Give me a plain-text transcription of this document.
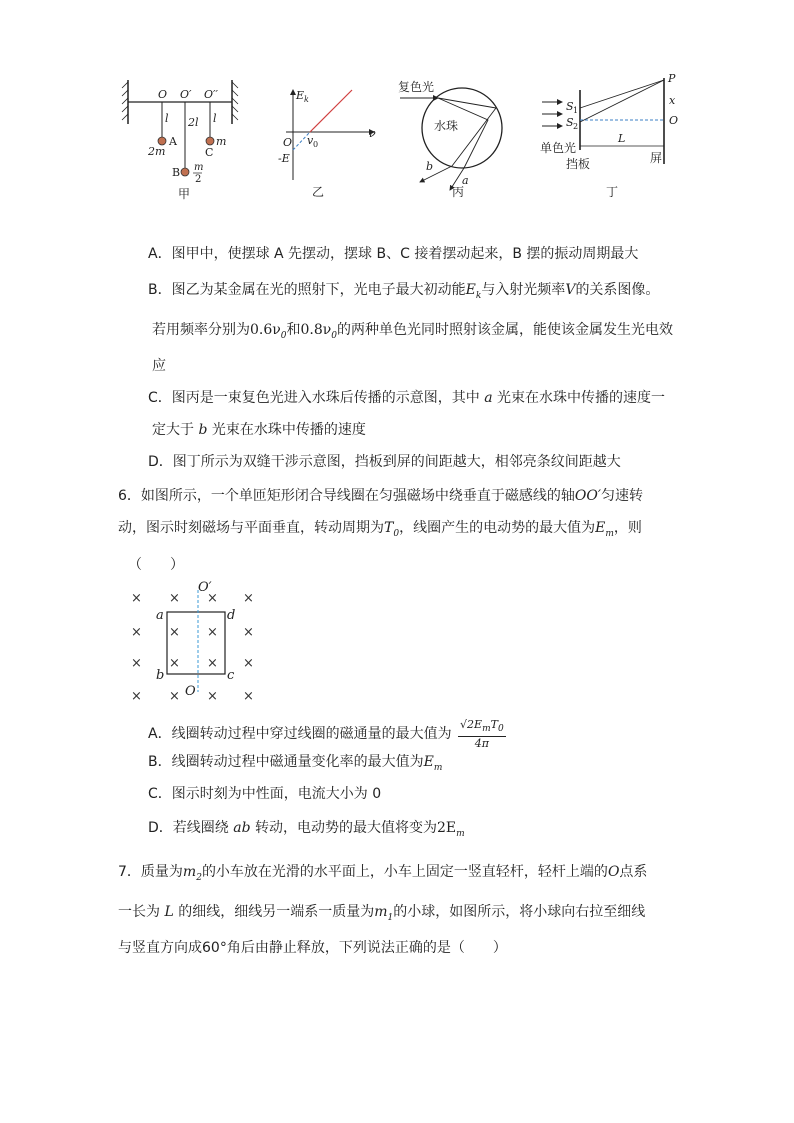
O O′ O′′
l 2l l
A
2m	C
m
B m
2
甲
E k
O v 0
ν
-E
乙
复色光
水珠
b
a
丙
S 1
S 2
P
x
O
单色光
L
挡板	屏
丁
A．图甲中，使摆球 A 先摆动，摆球 B、C 接着摆动起来，B 摆的振动周期最大
B．图乙为某金属在光的照射下，光电子最大初动能$E_k$与入射光频率V的关系图像。
若用频率分别为$0.6\nu_0$和$0.8\nu_0$的两种单色光同时照射该金属，能使该金属发生光电效
应
C．图丙是一束复色光进入水珠后传播的示意图，其中 a 光束在水珠中传播的速度一
定大于 b 光束在水珠中传播的速度
D．图丁所示为双缝干涉示意图，挡板到屏的间距越大，相邻亮条纹间距越大
6．如图所示，一个单匝矩形闭合导线圈在匀强磁场中绕垂直于磁感线的轴OO′匀速转
动，图示时刻磁场与平面垂直，转动周期为$T_0$，线圈产生的电动势的最大值为$E_m$，则
（　　）
× × × ×
× × × ×
× × × ×
× × × ×
O′
O
a	d
b	c
A．线圈转动过程中穿过线圈的磁通量的最大值为
$√2E_mT_0$
4π
B．线圈转动过程中磁通量变化率的最大值为$E_m$
C．图示时刻为中性面，电流大小为 0
D．若线圈绕 ab 转动，电动势的最大值将变为$2E_m$
7．质量为$m_2$的小车放在光滑的水平面上，小车上固定一竖直轻杆，轻杆上端的O点系
一长为 L 的细线，细线另一端系一质量为$m_1$的小球，如图所示，将小球向右拉至细线
与竖直方向成60°角后由静止释放，下列说法正确的是（　　）
